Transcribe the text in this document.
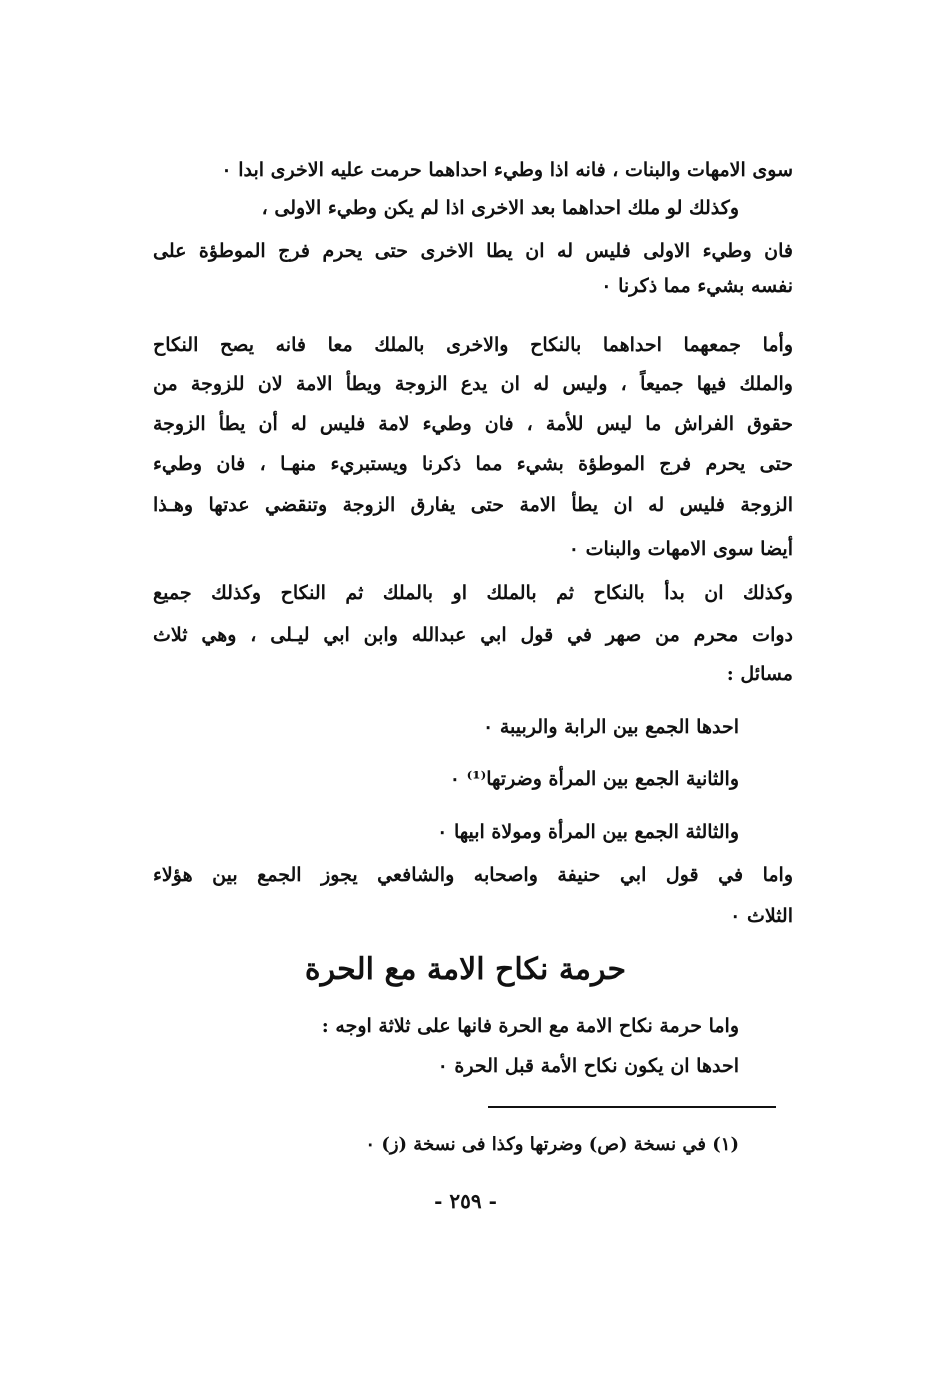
سوى الامهات والبنات ، فانه اذا وطيء احداهما حرمت عليه الاخرى ابدا ٠
وكذلك لو ملك احداهما بعد الاخرى اذا لم يكن وطيء الاولى ،
فان وطيء الاولى فليس له ان يطا الاخرى حتى يحرم فرج الموطؤة على
نفسه بشيء مما ذكرنا ٠
وأما جمعهما احداهما بالنكاح والاخرى بالملك معا فانه يصح النكاح
والملك فيها جميعاً ، وليس له ان يدع الزوجة ويطأ الامة لان للزوجة من
حقوق الفراش ما ليس للأمة ، فان وطيء لامة فليس له أن يطأ الزوجة
حتى يحرم فرج الموطؤة بشيء مما ذكرنا ويستبريء منهـا ، فان وطيء
الزوجة فليس له ان يطأ الامة حتى يفارق الزوجة وتنقضي عدتها وهـذا
أيضا سوى الامهات والبنات ٠
وكذلك ان بدأ بالنكاح ثم بالملك او بالملك ثم النكاح وكذلك جميع
دوات محرم من صهر في قول ابي عبدالله وابن ابي ليـلى ، وهي ثلاث
مسائل :
احدها الجمع بين الرابة والربيبة ٠
والثانية الجمع بين المرأة وضرتها⁽¹⁾ ٠
والثالثة الجمع بين المرأة ومولاة ابيها ٠
واما في قول ابي حنيفة واصحابه والشافعي يجوز الجمع بين هؤلاء
الثلاث ٠
حرمة نكاح الامة مع الحرة
واما حرمة نكاح الامة مع الحرة فانها على ثلاثة اوجه :
احدها ان يكون نكاح الأمة قبل الحرة ٠
(١) في نسخة (ص) وضرتها وكذا فى نسخة (ز) ٠
- ٢٥٩ -
